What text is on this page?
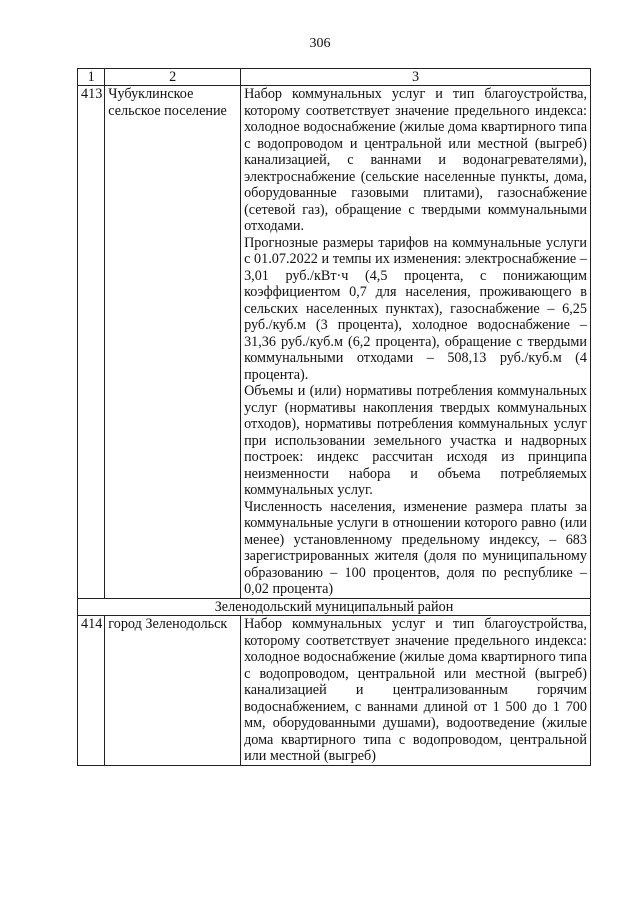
306
1	2	3
413	Чубуклинское сельское поселение	Набор коммунальных услуг и тип благоустройства, которому соответствует значение предельного индекса: холодное водоснабжение (жилые дома квартирного типа с водопроводом и центральной или местной (выгреб) канализацией, с ваннами и водонагревателями), электроснабжение (сельские населенные пункты, дома, оборудованные газовыми плитами), газоснабжение (сетевой газ), обращение с твердыми коммунальными отходами.

Прогнозные размеры тарифов на коммунальные услуги с 01.07.2022 и темпы их изменения: электроснабжение – 3,01 руб./кВт·ч (4,5 процента, с понижающим коэффициентом 0,7 для населения, проживающего в сельских населенных пунктах), газоснабжение – 6,25 руб./куб.м (3 процента), холодное водоснабжение – 31,36 руб./куб.м (6,2 процента), обращение с твердыми коммунальными отходами – 508,13 руб./куб.м (4 процента).

Объемы и (или) нормативы потребления коммунальных услуг (нормативы накопления твердых коммунальных отходов), нормативы потребления коммунальных услуг при использовании земельного участка и надворных построек: индекс рассчитан исходя из принципа неизменности набора и объема потребляемых коммунальных услуг.

Численность населения, изменение размера платы за коммунальные услуги в отношении которого равно (или менее) установленному предельному индексу, – 683 зарегистрированных жителя (доля по муниципальному образованию – 100 процентов, доля по республике – 0,02 процента)

Зеленодольский муниципальный район		
414	город Зеленодольск	Набор коммунальных услуг и тип благоустройства, которому соответствует значение предельного индекса: холодное водоснабжение (жилые дома квартирного типа с водопроводом, центральной или местной (выгреб) канализацией и централизованным горячим водоснабжением, с ваннами длиной от 1 500 до 1 700 мм, оборудованными душами), водоотведение (жилые дома квартирного типа с водопроводом, центральной или местной (выгреб)
